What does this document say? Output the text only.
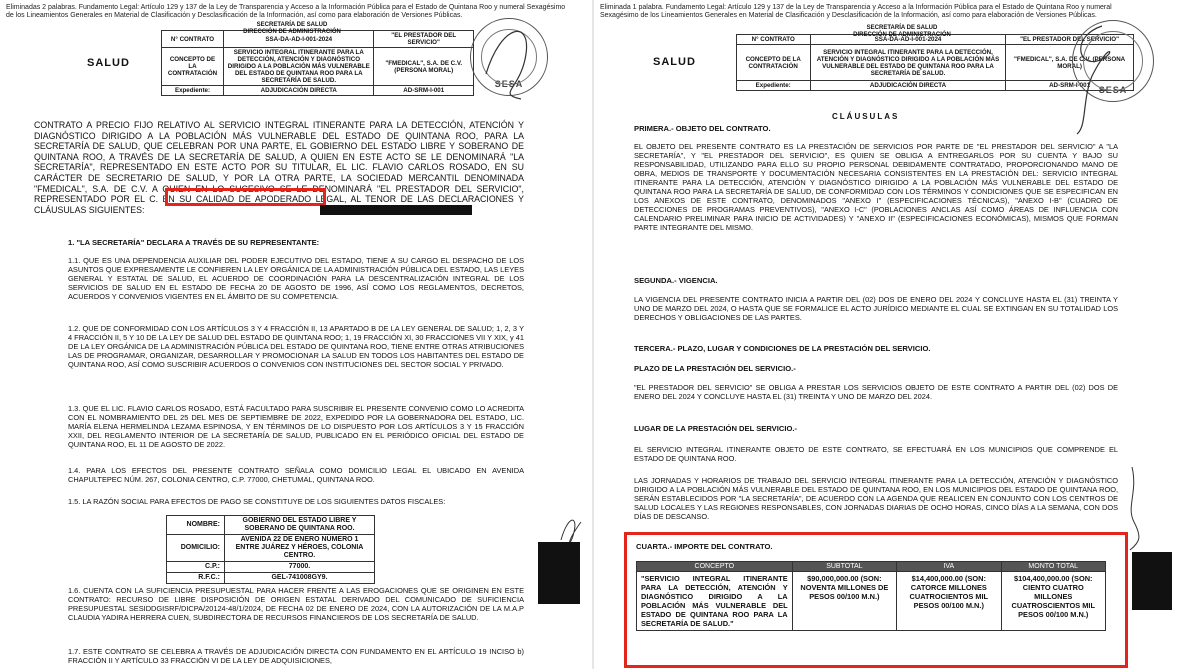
Eliminadas 2 palabras. Fundamento Legal: Artículo 129 y 137 de la Ley de Transparencia y Acceso a la Información Pública para el Estado de Quintana Roo y numeral Sexagésimo de los Lineamientos Generales en Material de Clasificación y Desclasificación de la Información, así como para elaboración de Versiones Públicas.
SALUD	N° CONTRATO	SSA-DA-AD-I-001-2024	"EL PRESTADOR DEL SERVICIO"
	CONCEPTO DE LA CONTRATACIÓN	SERVICIO INTEGRAL ITINERANTE PARA LA DETECCIÓN, ATENCIÓN Y DIAGNÓSTICO DIRIGIDO A LA POBLACIÓN MÁS VULNERABLE DEL ESTADO DE QUINTANA ROO PARA LA SECRETARÍA DE SALUD.	"FMEDICAL", S.A. DE C.V. (PERSONA MORAL)
	Expediente:	ADJUDICACIÓN DIRECTA	AD-SRM-I-001
SECRETARÍA DE SALUD
DIRECCIÓN DE ADMINISTRACIÓN
SESA
CONTRATO A PRECIO FIJO RELATIVO AL SERVICIO INTEGRAL ITINERANTE PARA LA DETECCIÓN, ATENCIÓN Y DIAGNÓSTICO DIRIGIDO A LA POBLACIÓN MÁS VULNERABLE DEL ESTADO DE QUINTANA ROO, PARA LA SECRETARÍA DE SALUD, QUE CELEBRAN POR UNA PARTE, EL GOBIERNO DEL ESTADO LIBRE Y SOBERANO DE QUINTANA ROO, A TRAVÉS DE LA SECRETARÍA DE SALUD, A QUIEN EN ESTE ACTO SE LE DENOMINARÁ "LA SECRETARÍA", REPRESENTADO EN ESTE ACTO POR SU TITULAR, EL LIC. FLAVIO CARLOS ROSADO, EN SU CARÁCTER DE SECRETARIO DE SALUD, Y POR LA OTRA PARTE, LA SOCIEDAD MERCANTIL DENOMINADA "FMEDICAL", S.A. DE C.V. A QUIEN EN LO SUCESIVO SE LE DENOMINARÁ "EL PRESTADOR DEL SERVICIO", REPRESENTADO POR EL C. EN SU CALIDAD DE APODERADO LEGAL, AL TENOR DE LAS DECLARACIONES Y CLÁUSULAS SIGUIENTES:
1. "LA SECRETARÍA" DECLARA A TRAVÉS DE SU REPRESENTANTE:
1.1. QUE ES UNA DEPENDENCIA AUXILIAR DEL PODER EJECUTIVO DEL ESTADO, TIENE A SU CARGO EL DESPACHO DE LOS ASUNTOS QUE EXPRESAMENTE LE CONFIEREN LA LEY ORGÁNICA DE LA ADMINISTRACIÓN PÚBLICA DEL ESTADO, LAS LEYES GENERAL Y ESTATAL DE SALUD, EL ACUERDO DE COORDINACIÓN PARA LA DESCENTRALIZACIÓN INTEGRAL DE LOS SERVICIOS DE SALUD EN EL ESTADO DE FECHA 20 DE AGOSTO DE 1996, ASÍ COMO LOS REGLAMENTOS, DECRETOS, ACUERDOS Y CONVENIOS VIGENTES EN EL ÁMBITO DE SU COMPETENCIA.
1.2. QUE DE CONFORMIDAD CON LOS ARTÍCULOS 3 Y 4 FRACCIÓN II, 13 APARTADO B DE LA LEY GENERAL DE SALUD; 1, 2, 3 Y 4 FRACCIÓN II, 5 Y 10 DE LA LEY DE SALUD DEL ESTADO DE QUINTANA ROO; 1, 19 FRACCIÓN XI, 30 FRACCIONES VII Y XIX, y 41 DE LA LEY ORGÁNICA DE LA ADMINISTRACIÓN PÚBLICA DEL ESTADO DE QUINTANA ROO, TIENE ENTRE OTRAS ATRIBUCIONES LAS DE PROGRAMAR, ORGANIZAR, DESARROLLAR Y PROMOCIONAR LA SALUD EN TODOS LOS HABITANTES DEL ESTADO DE QUINTANA ROO, ASÍ COMO SUSCRIBIR ACUERDOS O CONVENIOS CON INSTITUCIONES DEL SECTOR SOCIAL Y PRIVADO.
1.3. QUE EL LIC. FLAVIO CARLOS ROSADO, ESTÁ FACULTADO PARA SUSCRIBIR EL PRESENTE CONVENIO COMO LO ACREDITA CON EL NOMBRAMIENTO DEL 25 DEL MES DE SEPTIEMBRE DE 2022, EXPEDIDO POR LA GOBERNADORA DEL ESTADO, LIC. MARÍA ELENA HERMELINDA LEZAMA ESPINOSA, Y EN TÉRMINOS DE LO DISPUESTO POR LOS ARTÍCULOS 3 Y 15 FRACCIÓN XXII, DEL REGLAMENTO INTERIOR DE LA SECRETARÍA DE SALUD, PUBLICADO EN EL PERIÓDICO OFICIAL DEL ESTADO DE QUINTANA ROO, EL 11 DE AGOSTO DE 2022.
1.4. PARA LOS EFECTOS DEL PRESENTE CONTRATO SEÑALA COMO DOMICILIO LEGAL EL UBICADO EN AVENIDA CHAPULTEPEC NÚM. 267, COLONIA CENTRO, C.P. 77000, CHETUMAL, QUINTANA ROO.
1.5. LA RAZÓN SOCIAL PARA EFECTOS DE PAGO SE CONSTITUYE DE LOS SIGUIENTES DATOS FISCALES:
NOMBRE:	GOBIERNO DEL ESTADO LIBRE Y SOBERANO DE QUINTANA ROO.
DOMICILIO:	AVENIDA 22 DE ENERO NÚMERO 1 ENTRE JUÁREZ Y HÉROES, COLONIA CENTRO.
C.P.:	77000.
R.F.C.:	GEL-741008GY9.
1.6. CUENTA CON LA SUFICIENCIA PRESUPUESTAL PARA HACER FRENTE A LAS EROGACIONES QUE SE ORIGINEN EN ESTE CONTRATO: RECURSO DE LIBRE DISPOSICIÓN DE ORIGEN ESTATAL DERIVADO DEL COMUNICADO DE SUFICIENCIA PRESUPUESTAL SESIDDGISRF/DICPA/20124-48/1/2024, DE FECHA 02 DE ENERO DE 2024, CON LA AUTORIZACIÓN DE LA M.A.P CLAUDIA YADIRA HERRERA CUEN, SUBDIRECTORA DE RECURSOS FINANCIEROS DE LOS SECRETARÍA DE SALUD.
1.7. ESTE CONTRATO SE CELEBRA A TRAVÉS DE ADJUDICACIÓN DIRECTA CON FUNDAMENTO EN EL ARTÍCULO 19 INCISO b) FRACCIÓN II Y ARTÍCULO 33 FRACCIÓN VI DE LA LEY DE ADQUISICIONES,
Eliminada 1 palabra. Fundamento Legal: Artículo 129 y 137 de la Ley de Transparencia y Acceso a la Información Pública para el Estado de Quintana Roo y numeral Sexagésimo de los Lineamientos Generales en Material de Clasificación y Desclasificación de la Información, así como para elaboración de Versiones Públicas.
SALUD	N° CONTRATO	SSA-DA-AD-I-001-2024	"EL PRESTADOR DEL SERVICIO"
	CONCEPTO DE LA CONTRATACIÓN	SERVICIO INTEGRAL ITINERANTE PARA LA DETECCIÓN, ATENCIÓN Y DIAGNÓSTICO DIRIGIDO A LA POBLACIÓN MÁS VULNERABLE DEL ESTADO DE QUINTANA ROO PARA LA SECRETARÍA DE SALUD.	"FMEDICAL", S.A. DE C.V. (PERSONA MORAL)
	Expediente:	ADJUDICACIÓN DIRECTA	AD-SRM-I-001
SECRETARÍA DE SALUD
DIRECCIÓN DE ADMINISTRACIÓN
SESA
CLÁUSULAS
PRIMERA.- OBJETO DEL CONTRATO.
EL OBJETO DEL PRESENTE CONTRATO ES LA PRESTACIÓN DE SERVICIOS POR PARTE DE "EL PRESTADOR DEL SERVICIO" A "LA SECRETARÍA", Y "EL PRESTADOR DEL SERVICIO", ES QUIEN SE OBLIGA A ENTREGARLOS POR SU CUENTA Y BAJO SU RESPONSABILIDAD, UTILIZANDO PARA ELLO SU PROPIO PERSONAL DEBIDAMENTE CONTRATADO, PROPORCIONANDO MANO DE OBRA, MEDIOS DE TRANSPORTE Y DOCUMENTACIÓN NECESARIA CONSISTENTES EN LA PRESTACIÓN DEL: SERVICIO INTEGRAL ITINERANTE PARA LA DETECCIÓN, ATENCIÓN Y DIAGNÓSTICO DIRIGIDO A LA POBLACIÓN MÁS VULNERABLE DEL ESTADO DE QUINTANA ROO PARA LA SECRETARÍA DE SALUD, DE CONFORMIDAD CON LOS TÉRMINOS Y CONDICIONES QUE SE ESPECIFICAN EN LOS ANEXOS DE ESTE CONTRATO, DENOMINADOS "ANEXO I" (ESPECIFICACIONES TÉCNICAS), "ANEXO I-B" (CUADRO DE DETECCIONES DE PROGRAMAS PREVENTIVOS), "ANEXO I-C" (POBLACIONES ANCLAS ASÍ COMO ÁREAS DE INFLUENCIA CON CALENDARIO PRELIMINAR PARA INICIO DE ACTIVIDADES) Y "ANEXO II" (ESPECIFICACIONES ECONÓMICAS), MISMOS QUE FORMAN PARTE INTEGRANTE DEL MISMO.
SEGUNDA.- VIGENCIA.
LA VIGENCIA DEL PRESENTE CONTRATO INICIA A PARTIR DEL (02) DOS DE ENERO DEL 2024 Y CONCLUYE HASTA EL (31) TREINTA Y UNO DE MARZO DEL 2024, O HASTA QUE SE FORMALICE EL ACTO JURÍDICO MEDIANTE EL CUAL SE EXTINGAN EN SU TOTALIDAD LOS DERECHOS Y OBLIGACIONES DE LAS PARTES.
TERCERA.- PLAZO, LUGAR Y CONDICIONES DE LA PRESTACIÓN DEL SERVICIO.
PLAZO DE LA PRESTACIÓN DEL SERVICIO.-
"EL PRESTADOR DEL SERVICIO" SE OBLIGA A PRESTAR LOS SERVICIOS OBJETO DE ESTE CONTRATO A PARTIR DEL (02) DOS DE ENERO DEL 2024 Y CONCLUYE HASTA EL (31) TREINTA Y UNO DE MARZO DEL 2024.
LUGAR DE LA PRESTACIÓN DEL SERVICIO.-
EL SERVICIO INTEGRAL ITINERANTE OBJETO DE ESTE CONTRATO, SE EFECTUARÁ EN LOS MUNICIPIOS QUE COMPRENDE EL ESTADO DE QUINTANA ROO.
LAS JORNADAS Y HORARIOS DE TRABAJO DEL SERVICIO INTEGRAL ITINERANTE PARA LA DETECCIÓN, ATENCIÓN Y DIAGNÓSTICO DIRIGIDO A LA POBLACIÓN MÁS VULNERABLE DEL ESTADO DE QUINTANA ROO, EN LOS MUNICIPIOS DEL ESTADO DE QUINTANA ROO, SERÁN ESTABLECIDOS POR "LA SECRETARÍA", DE ACUERDO CON LA AGENDA QUE REALICEN EN CONJUNTO CON LOS CENTROS DE SALUD LOCALES Y LAS REGIONES RESPONSABLES, CON JORNADAS DIARIAS DE OCHO HORAS, CINCO DÍAS A LA SEMANA, CON DOS DÍAS DE DESCANSO.
CUARTA.- IMPORTE DEL CONTRATO.
CONCEPTO	SUBTOTAL	IVA	MONTO TOTAL
"SERVICIO INTEGRAL ITINERANTE PARA LA DETECCIÓN, ATENCIÓN Y DIAGNÓSTICO DIRIGIDO A LA POBLACIÓN MÁS VULNERABLE DEL ESTADO DE QUINTANA ROO PARA LA SECRETARÍA DE SALUD."	$90,000,000.00 (SON: NOVENTA MILLONES DE PESOS 00/100 M.N.)	$14,400,000.00 (SON: CATORCE MILLONES CUATROCIENTOS MIL PESOS 00/100 M.N.)	$104,400,000.00 (SON: CIENTO CUATRO MILLONES CUATROSCIENTOS MIL PESOS 00/100 M.N.)
